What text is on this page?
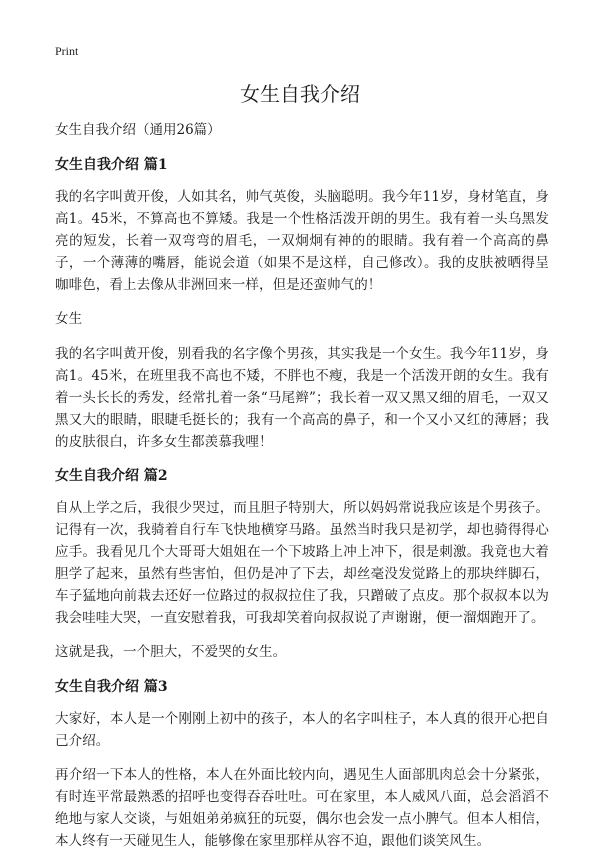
Print
女生自我介绍

女生自我介绍（通用26篇）

女生自我介绍 篇1

我的名字叫黄开俊，人如其名，帅气英俊，头脑聪明。我今年11岁，身材笔直，身高1。45米，不算高也不算矮。我是一个性格活泼开朗的男生。我有着一头乌黑发亮的短发，长着一双弯弯的眉毛，一双炯炯有神的的眼睛。我有着一个高高的鼻子，一个薄薄的嘴唇，能说会道（如果不是这样，自己修改）。我的皮肤被晒得呈咖啡色，看上去像从非洲回来一样，但是还蛮帅气的！

女生

我的名字叫黄开俊，别看我的名字像个男孩，其实我是一个女生。我今年11岁，身高1。45米，在班里我不高也不矮，不胖也不瘦，我是一个活泼开朗的女生。我有着一头长长的秀发，经常扎着一条“马尾辫”；我长着一双又黑又细的眉毛，一双又黑又大的眼睛，眼睫毛挺长的；我有一个高高的鼻子，和一个又小又红的薄唇；我的皮肤很白，许多女生都羡慕我哩！

女生自我介绍 篇2

自从上学之后，我很少哭过，而且胆子特别大，所以妈妈常说我应该是个男孩子。记得有一次，我骑着自行车飞快地横穿马路。虽然当时我只是初学，却也骑得得心应手。我看见几个大哥哥大姐姐在一个下坡路上冲上冲下，很是刺激。我竟也大着胆学了起来，虽然有些害怕，但仍是冲了下去，却丝毫没发觉路上的那块绊脚石，车子猛地向前栽去还好一位路过的叔叔拉住了我，只蹭破了点皮。那个叔叔本以为我会哇哇大哭，一直安慰着我，可我却笑着向叔叔说了声谢谢，便一溜烟跑开了。

这就是我，一个胆大，不爱哭的女生。

女生自我介绍 篇3

大家好，本人是一个刚刚上初中的孩子，本人的名字叫柱子，本人真的很开心把自己介绍。

再介绍一下本人的性格，本人在外面比较内向，遇见生人面部肌肉总会十分紧张，有时连平常最熟悉的招呼也变得吞吞吐吐。可在家里，本人威风八面，总会滔滔不绝地与家人交谈，与姐姐弟弟疯狂的玩耍，偶尔也会发一点小脾气。但本人相信，本人终有一天碰见生人，能够像在家里那样从容不迫，跟他们谈笑风生。
